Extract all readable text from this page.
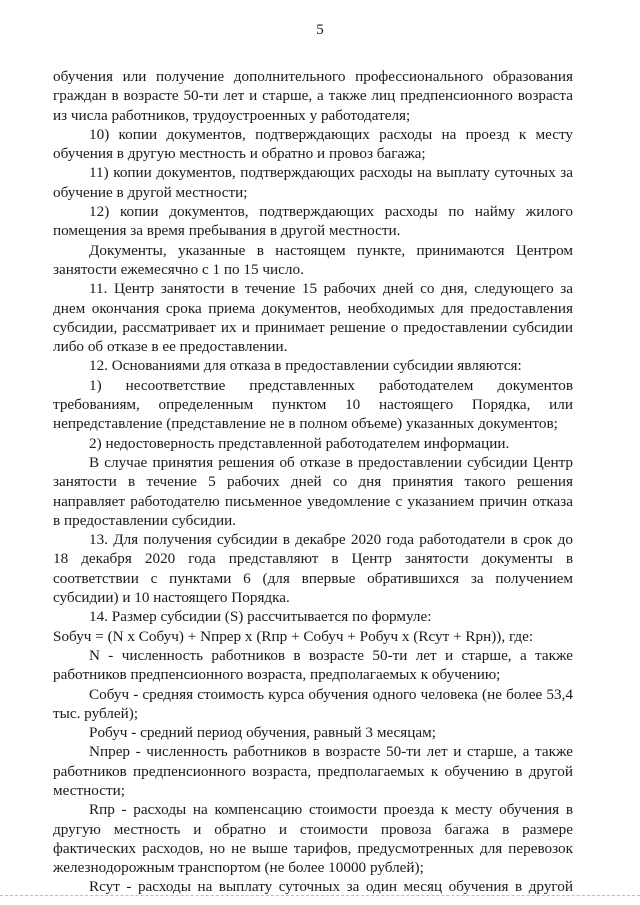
5

обучения или получение дополнительного профессионального образования граждан в возрасте 50-ти лет и старше, а также лиц предпенсионного возраста из числа работников, трудоустроенных у работодателя;

10) копии документов, подтверждающих расходы на проезд к месту обучения в другую местность и обратно и провоз багажа;

11) копии документов, подтверждающих расходы на выплату суточных за обучение в другой местности;

12) копии документов, подтверждающих расходы по найму жилого помещения за время пребывания в другой местности.

Документы, указанные в настоящем пункте, принимаются Центром занятости ежемесячно с 1 по 15 число.

11. Центр занятости в течение 15 рабочих дней со дня, следующего за днем окончания срока приема документов, необходимых для предоставления субсидии, рассматривает их и принимает решение о предоставлении субсидии либо об отказе в ее предоставлении.

12. Основаниями для отказа в предоставлении субсидии являются:

1) несоответствие представленных работодателем документов требованиям, определенным пунктом 10 настоящего Порядка, или непредставление (представление не в полном объеме) указанных документов;

2) недостоверность представленной работодателем информации.

В случае принятия решения об отказе в предоставлении субсидии Центр занятости в течение 5 рабочих дней со дня принятия такого решения направляет работодателю письменное уведомление с указанием причин отказа в предоставлении субсидии.

13. Для получения субсидии в декабре 2020 года работодатели в срок до 18 декабря 2020 года представляют в Центр занятости документы в соответствии с пунктами 6 (для впервые обратившихся за получением субсидии) и 10 настоящего Порядка.

14. Размер субсидии (S) рассчитывается по формуле:

Sобуч = (N х Cобуч) + Nпрер х (Rпр + Cобуч + Pобуч х (Rсут + Rрн)), где:

N - численность работников в возрасте 50-ти лет и старше, а также работников предпенсионного возраста, предполагаемых к обучению;

Cобуч - средняя стоимость курса обучения одного человека (не более 53,4 тыс. рублей);

Pобуч - средний период обучения, равный 3 месяцам;

Nпрер - численность работников в возрасте 50-ти лет и старше, а также работников предпенсионного возраста, предполагаемых к обучению в другой местности;

Rпр - расходы на компенсацию стоимости проезда к месту обучения в другую местность и обратно и стоимости провоза багажа в размере фактических расходов, но не выше тарифов, предусмотренных для перевозок железнодорожным транспортом (не более 10000 рублей);

Rсут - расходы на выплату суточных за один месяц обучения в другой
